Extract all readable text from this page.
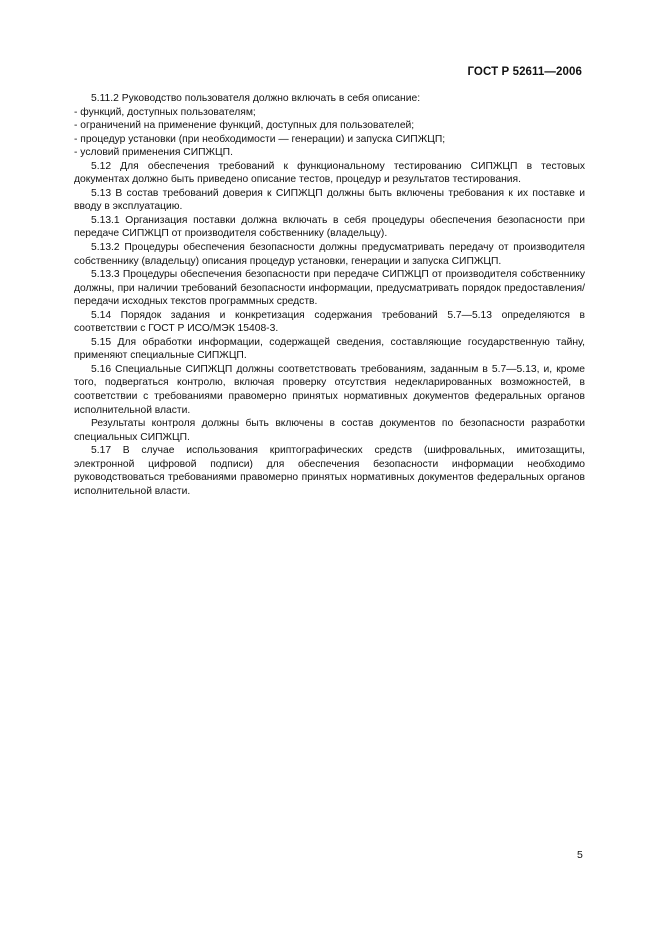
ГОСТ Р 52611—2006

5.11.2 Руководство пользователя должно включать в себя описание:

- функций, доступных пользователям;

- ограничений на применение функций, доступных для пользователей;

- процедур установки (при необходимости — генерации) и запуска СИПЖЦП;

- условий применения СИПЖЦП.

5.12 Для обеспечения требований к функциональному тестированию СИПЖЦП в тестовых документах должно быть приведено описание тестов, процедур и результатов тестирования.

5.13 В состав требований доверия к СИПЖЦП должны быть включены требования к их поставке и вводу в эксплуатацию.

5.13.1 Организация поставки должна включать в себя процедуры обеспечения безопасности при передаче СИПЖЦП от производителя собственнику (владельцу).

5.13.2 Процедуры обеспечения безопасности должны предусматривать передачу от производителя собственнику (владельцу) описания процедур установки, генерации и запуска СИПЖЦП.

5.13.3 Процедуры обеспечения безопасности при передаче СИПЖЦП от производителя собственнику должны, при наличии требований безопасности информации, предусматривать порядок предоставления/передачи исходных текстов программных средств.

5.14 Порядок задания и конкретизация содержания требований 5.7—5.13 определяются в соответствии с ГОСТ Р ИСО/МЭК 15408-3.

5.15 Для обработки информации, содержащей сведения, составляющие государственную тайну, применяют специальные СИПЖЦП.

5.16 Специальные СИПЖЦП должны соответствовать требованиям, заданным в 5.7—5.13, и, кроме того, подвергаться контролю, включая проверку отсутствия недекларированных возможностей, в соответствии с требованиями правомерно принятых нормативных документов федеральных органов исполнительной власти.

Результаты контроля должны быть включены в состав документов по безопасности разработки специальных СИПЖЦП.

5.17 В случае использования криптографических средств (шифровальных, имитозащиты, электронной цифровой подписи) для обеспечения безопасности информации необходимо руководствоваться требованиями правомерно принятых нормативных документов федеральных органов исполнительной власти.

5
